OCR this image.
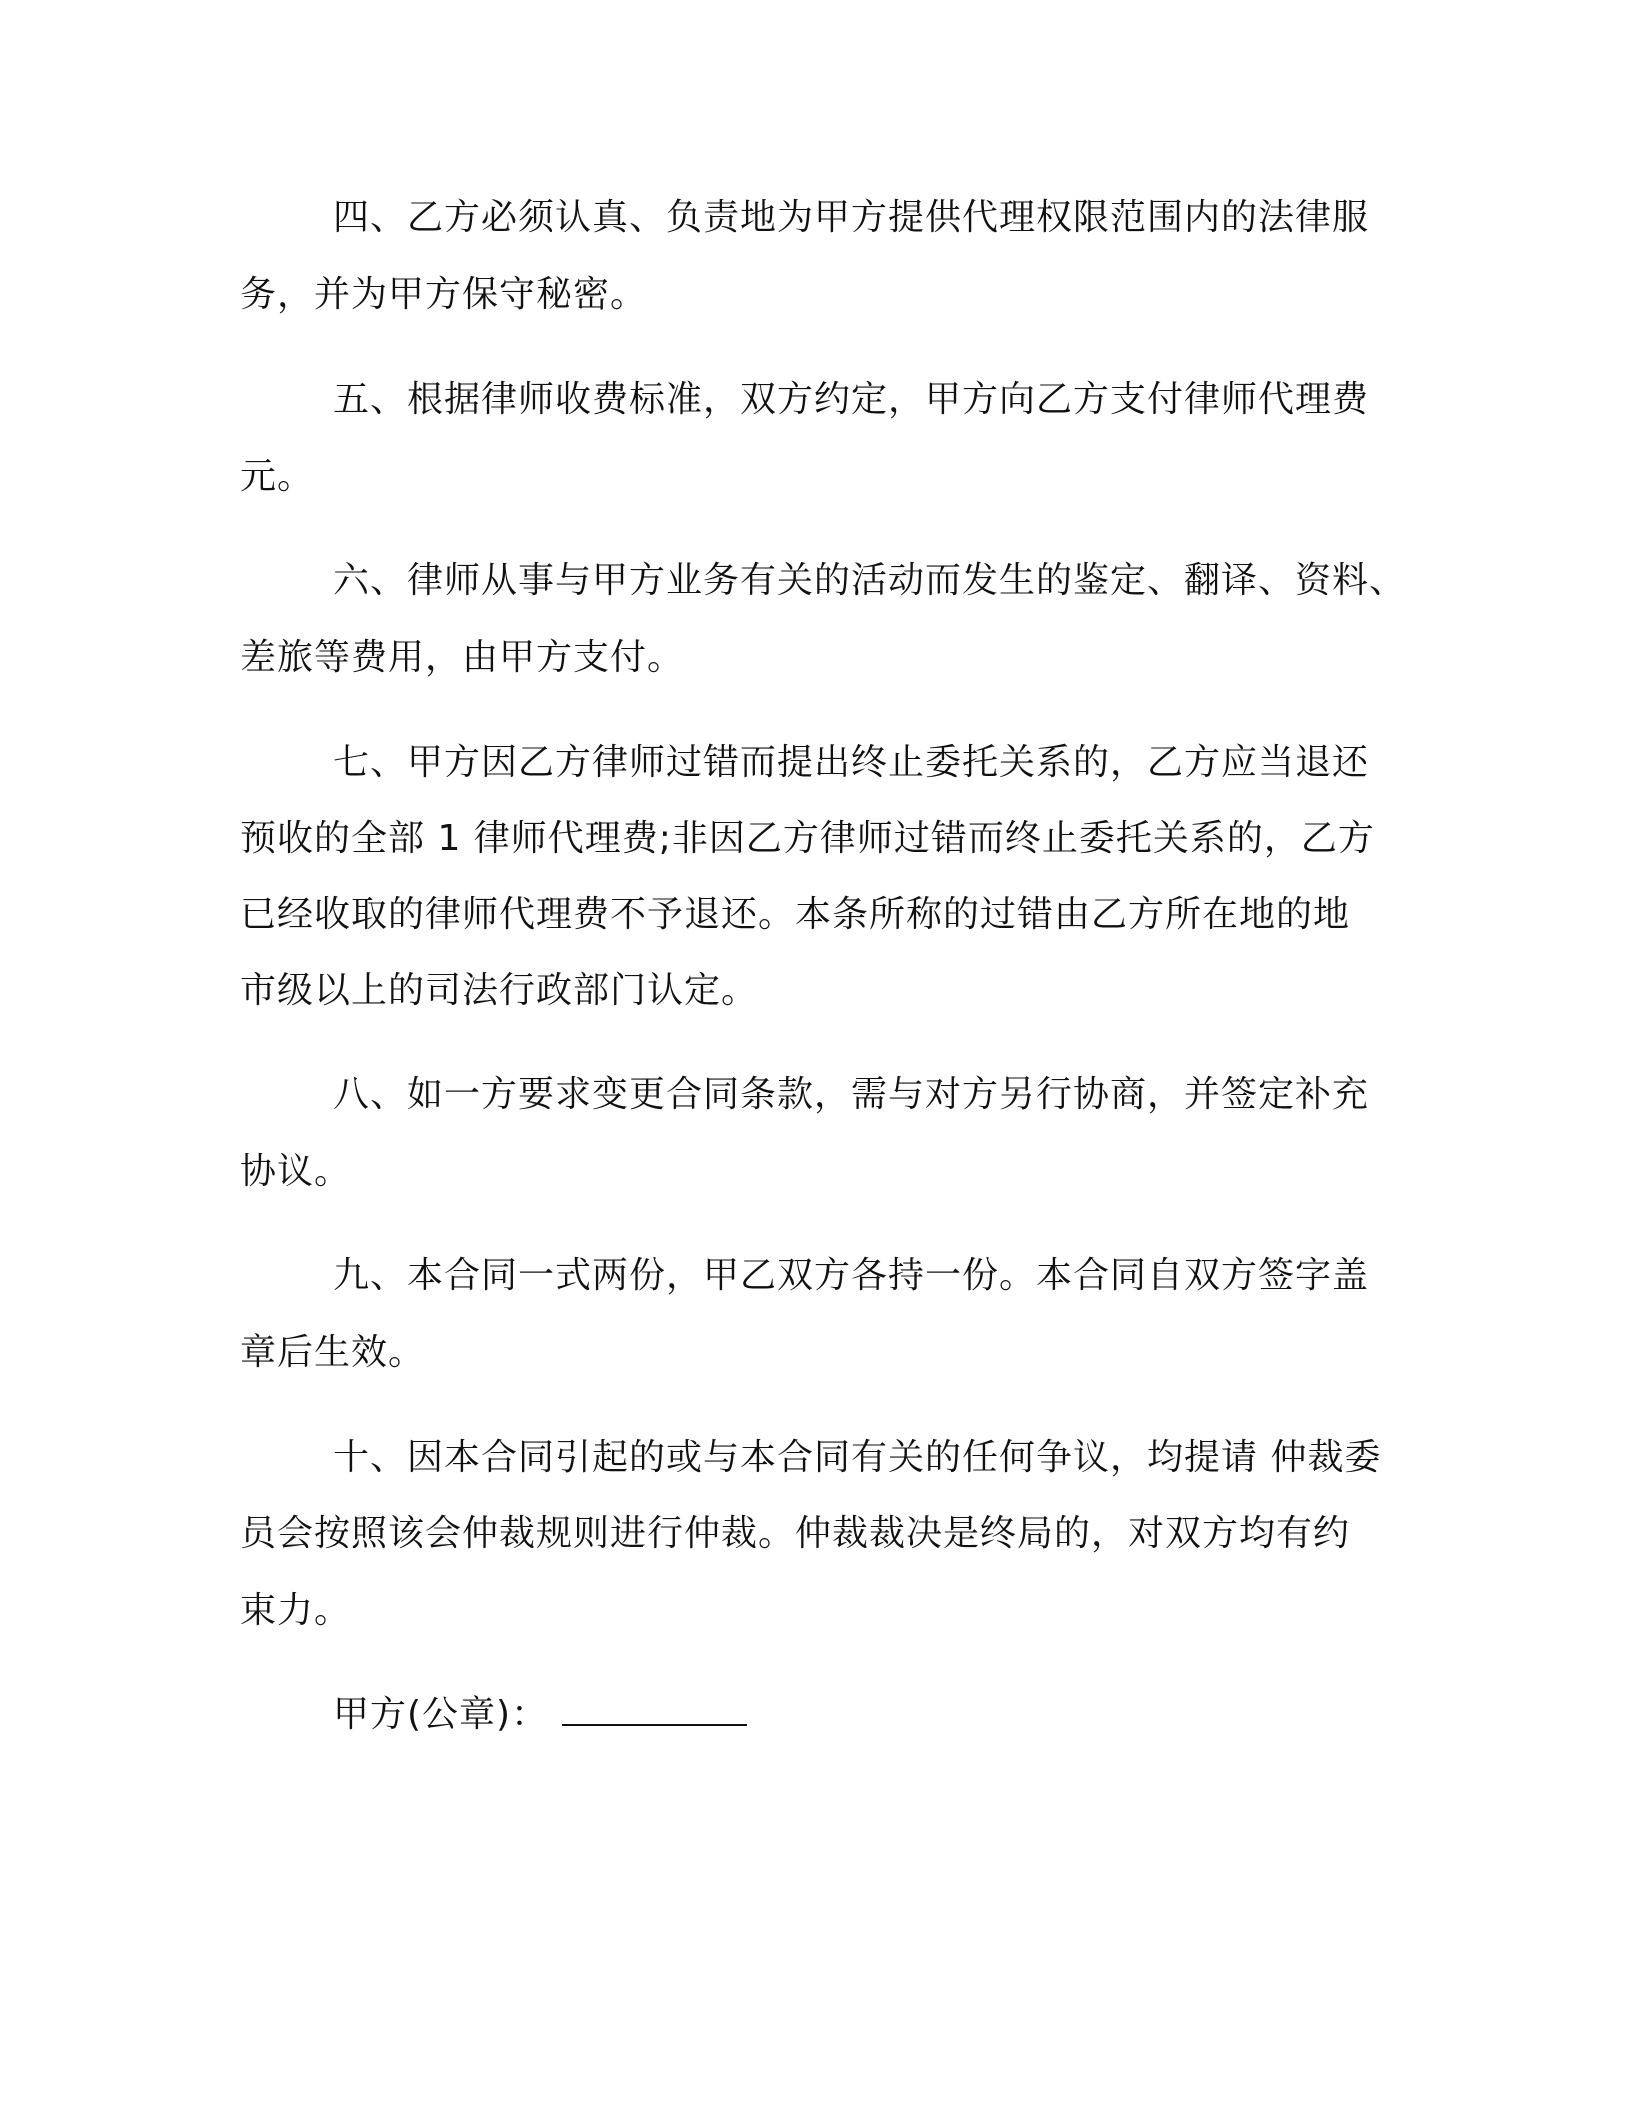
四、乙方必须认真、负责地为甲方提供代理权限范围内的法律服

务，并为甲方保守秘密。

五、根据律师收费标准，双方约定，甲方向乙方支付律师代理费

元。

六、律师从事与甲方业务有关的活动而发生的鉴定、翻译、资料、

差旅等费用，由甲方支付。

七、甲方因乙方律师过错而提出终止委托关系的，乙方应当退还

预收的全部 1 律师代理费;非因乙方律师过错而终止委托关系的，乙方

已经收取的律师代理费不予退还。本条所称的过错由乙方所在地的地

市级以上的司法行政部门认定。

八、如一方要求变更合同条款，需与对方另行协商，并签定补充

协议。

九、本合同一式两份，甲乙双方各持一份。本合同自双方签字盖

章后生效。

十、因本合同引起的或与本合同有关的任何争议，均提请 仲裁委

员会按照该会仲裁规则进行仲裁。仲裁裁决是终局的，对双方均有约

束力。

甲方(公章)：
